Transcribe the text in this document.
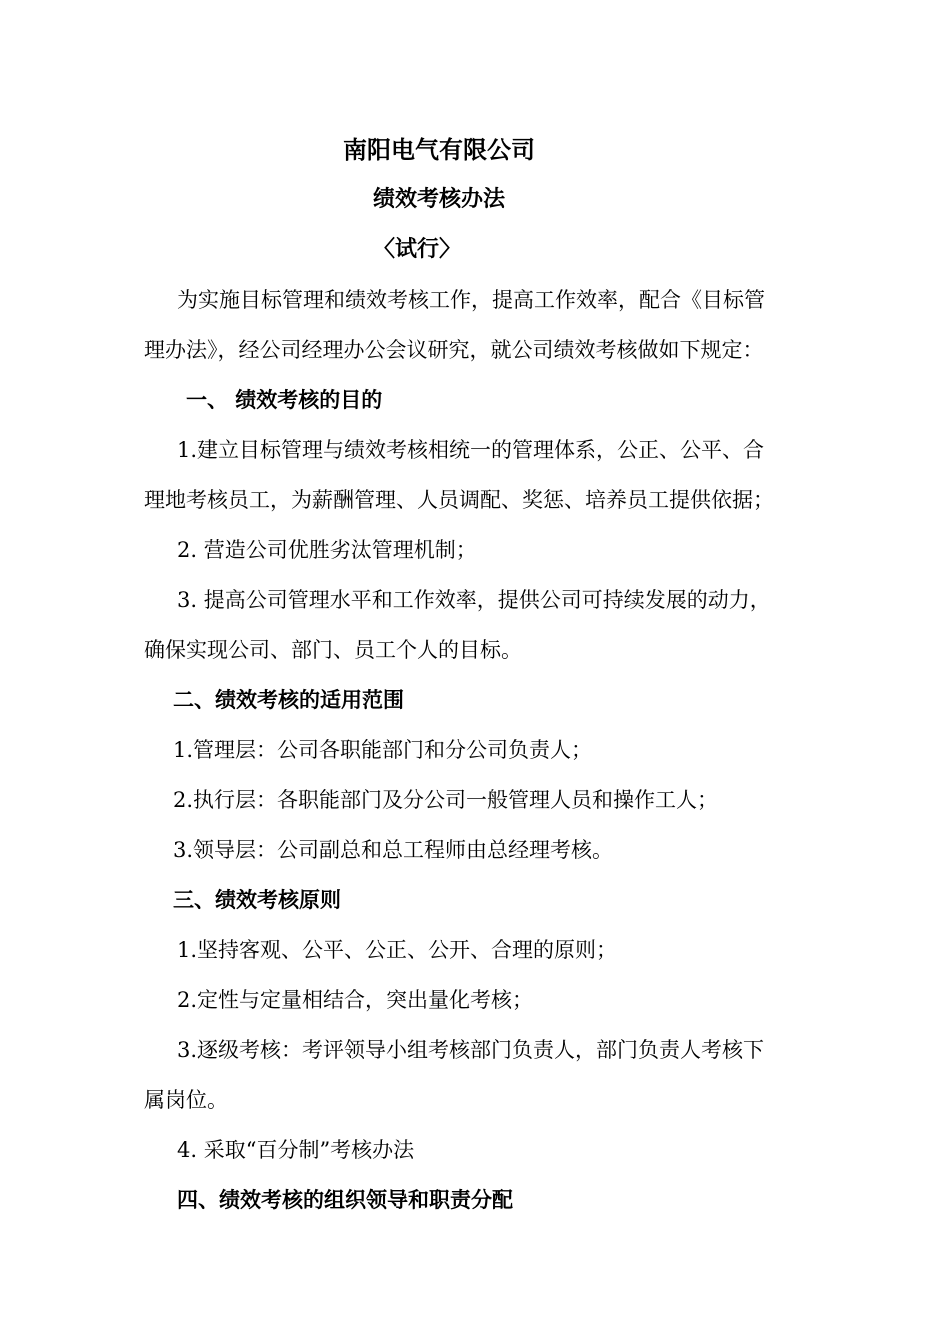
南阳电气有限公司
绩效考核办法
〈试行〉
为实施目标管理和绩效考核工作，提高工作效率，配合《目标管
理办法》，经公司经理办公会议研究，就公司绩效考核做如下规定：
一、 绩效考核的目的
1.建立目标管理与绩效考核相统一的管理体系，公正、公平、合
理地考核员工，为薪酬管理、人员调配、奖惩、培养员工提供依据；
2. 营造公司优胜劣汰管理机制；
3. 提高公司管理水平和工作效率，提供公司可持续发展的动力，
确保实现公司、部门、员工个人的目标。
二、绩效考核的适用范围
1.管理层：公司各职能部门和分公司负责人；
2.执行层：各职能部门及分公司一般管理人员和操作工人；
3.领导层：公司副总和总工程师由总经理考核。
三、绩效考核原则
1.坚持客观、公平、公正、公开、合理的原则；
2.定性与定量相结合，突出量化考核；
3.逐级考核：考评领导小组考核部门负责人，部门负责人考核下
属岗位。
4. 采取“百分制”考核办法
四、绩效考核的组织领导和职责分配
